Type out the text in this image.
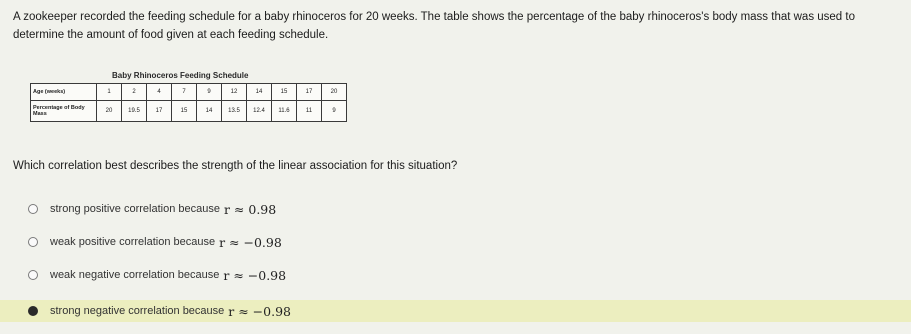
A zookeeper recorded the feeding schedule for a baby rhinoceros for 20 weeks. The table shows the percentage of the baby rhinoceros's body mass that was used to determine the amount of food given at each feeding schedule.
Baby Rhinoceros Feeding Schedule
Age (weeks)	1	2	4	7	9	12	14	15	17	20
Percentage of Body Mass	20	19.5	17	15	14	13.5	12.4	11.6	11	9
Which correlation best describes the strength of the linear association for this situation?
strong positive correlation because r ≈ 0.98
weak positive correlation because r ≈ −0.98
weak negative correlation because r ≈ −0.98
strong negative correlation because r ≈ −0.98
